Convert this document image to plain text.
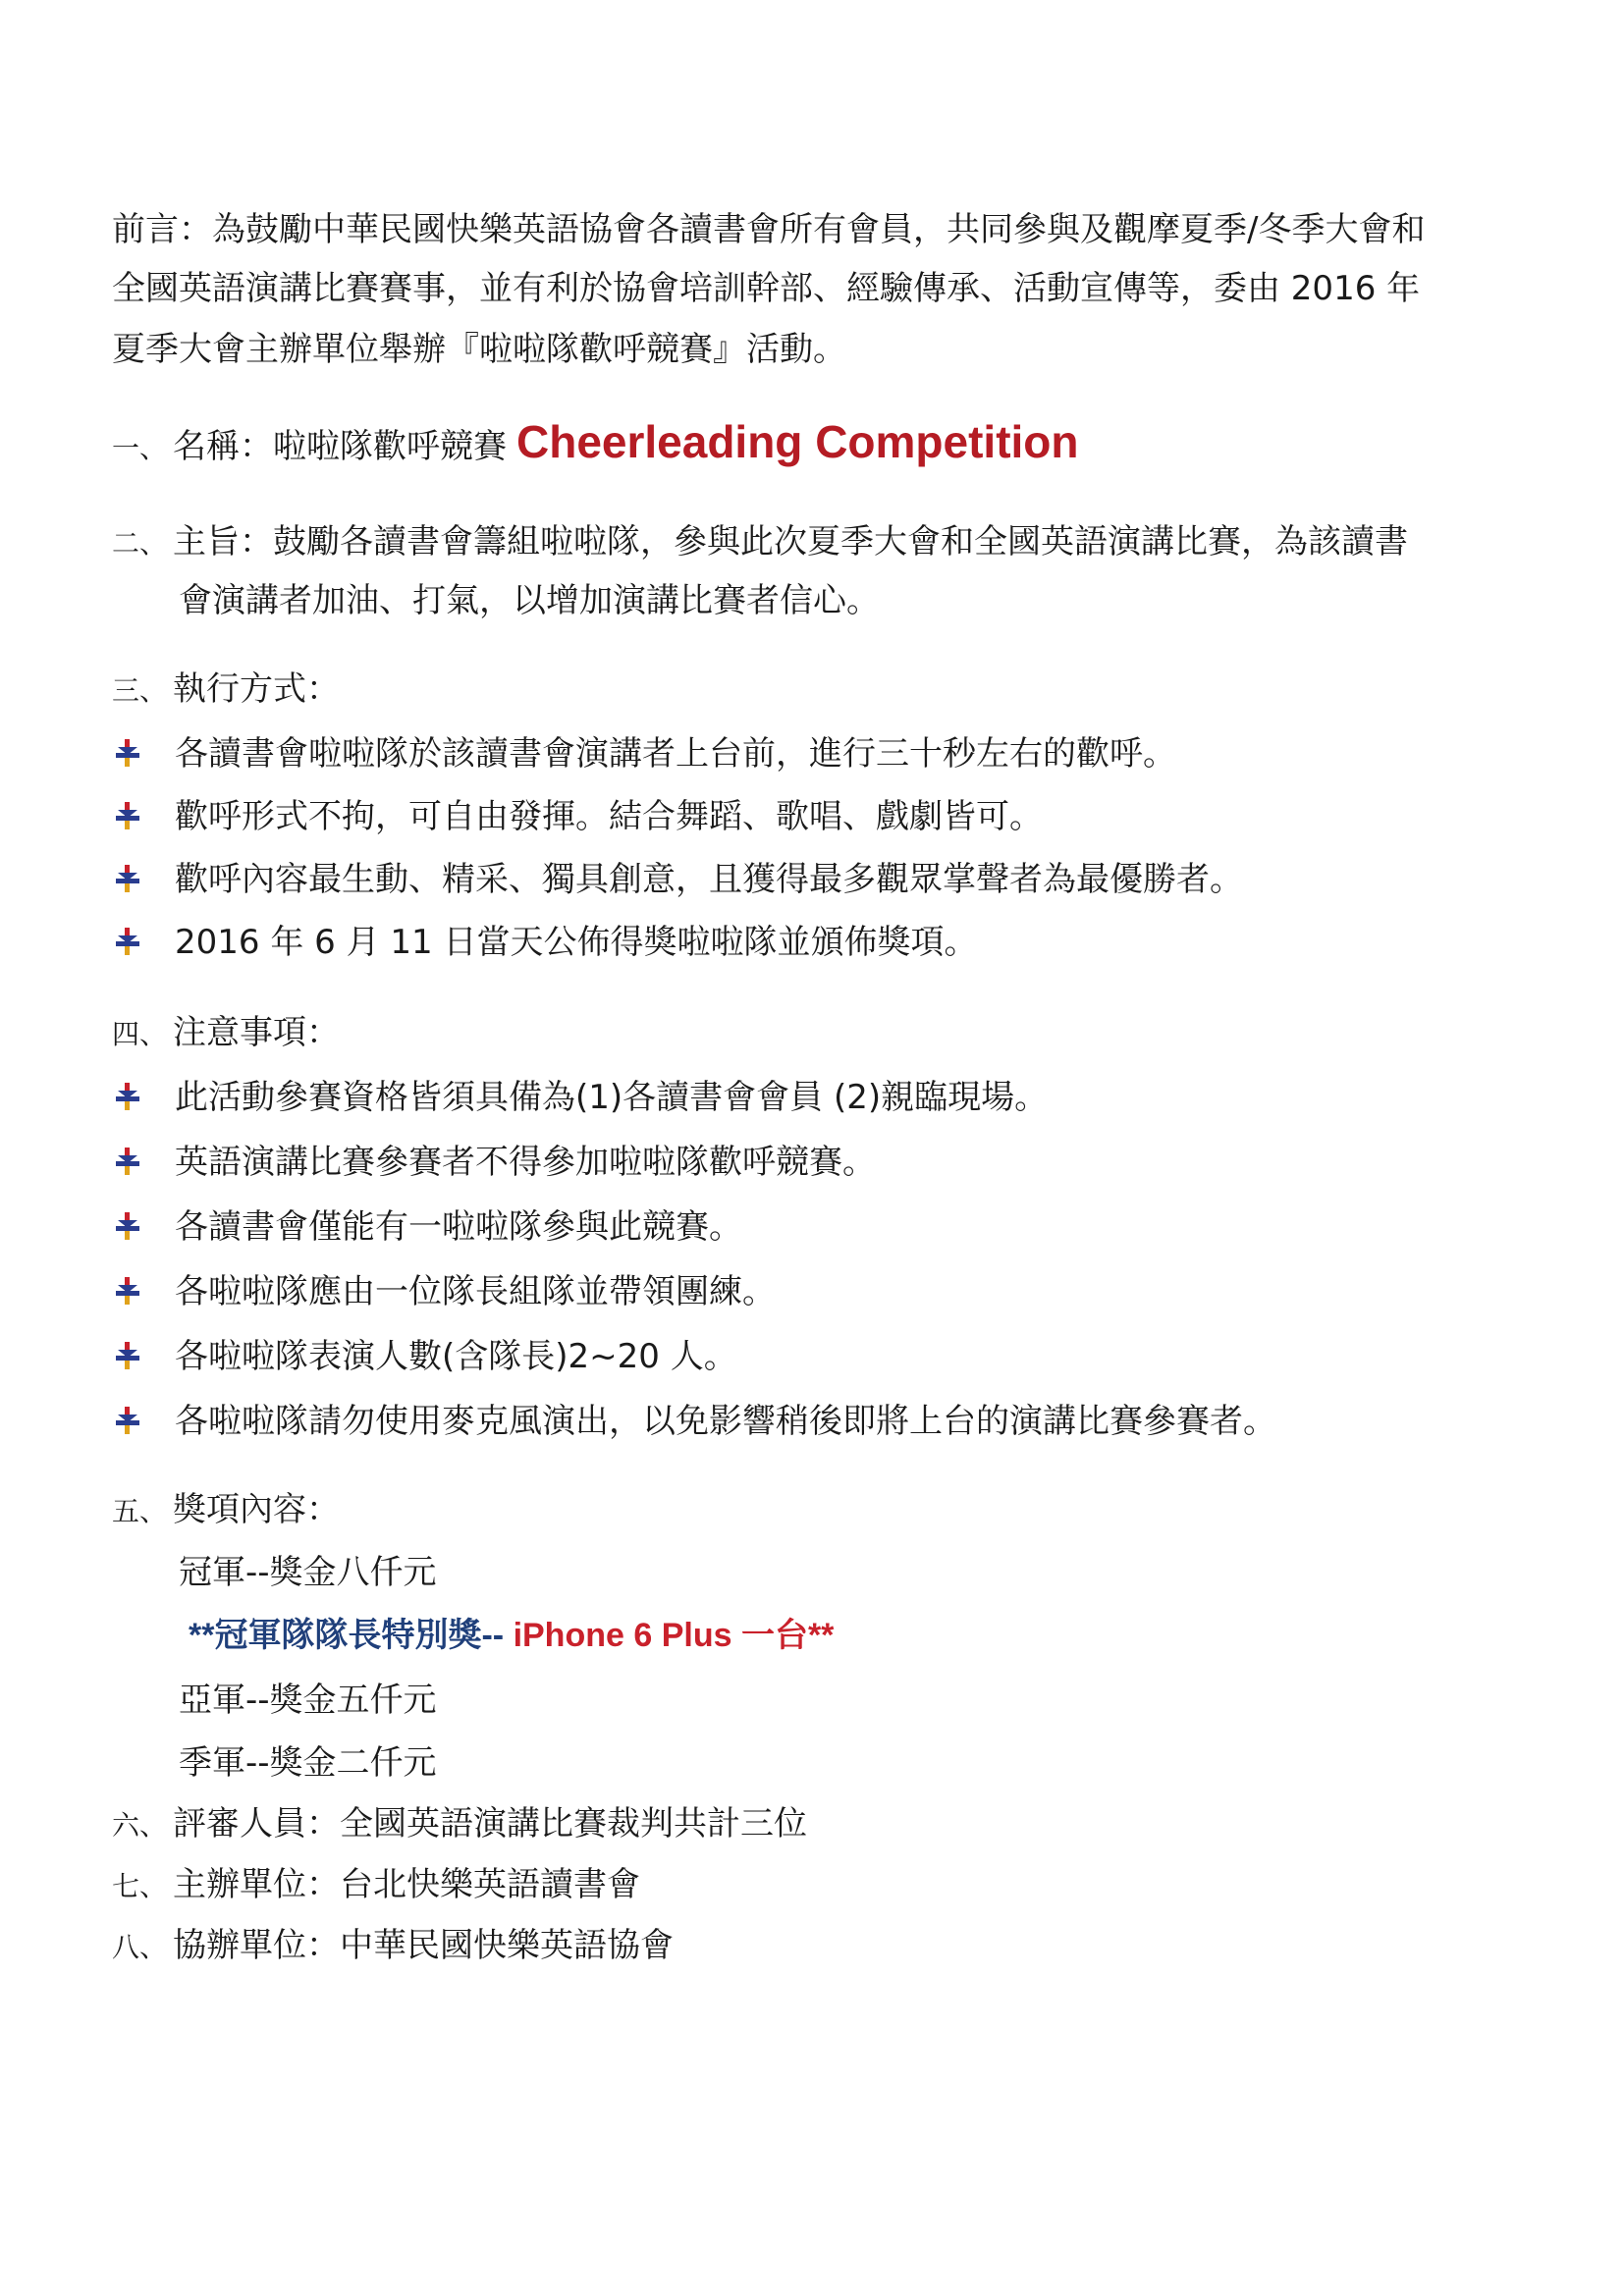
前言：為鼓勵中華民國快樂英語協會各讀書會所有會員，共同參與及觀摩夏季/冬季大會和
全國英語演講比賽賽事，並有利於協會培訓幹部、經驗傳承、活動宣傳等，委由 2016 年
夏季大會主辦單位舉辦『啦啦隊歡呼競賽』活動。
一、 名稱：啦啦隊歡呼競賽 Cheerleading Competition
二、 主旨：鼓勵各讀書會籌組啦啦隊，參與此次夏季大會和全國英語演講比賽，為該讀書
會演講者加油、打氣，以增加演講比賽者信心。
三、 執行方式：
各讀書會啦啦隊於該讀書會演講者上台前，進行三十秒左右的歡呼。
歡呼形式不拘，可自由發揮。結合舞蹈、歌唱、戲劇皆可。
歡呼內容最生動、精采、獨具創意，且獲得最多觀眾掌聲者為最優勝者。
2016 年 6 月 11 日當天公佈得獎啦啦隊並頒佈獎項。
四、 注意事項：
此活動參賽資格皆須具備為(1)各讀書會會員 (2)親臨現場。
英語演講比賽參賽者不得參加啦啦隊歡呼競賽。
各讀書會僅能有一啦啦隊參與此競賽。
各啦啦隊應由一位隊長組隊並帶領團練。
各啦啦隊表演人數(含隊長)2~20 人。
各啦啦隊請勿使用麥克風演出，以免影響稍後即將上台的演講比賽參賽者。
五、 獎項內容：
冠軍--獎金八仟元
**冠軍隊隊長特別獎-- iPhone 6 Plus 一台**
亞軍--獎金五仟元
季軍--獎金二仟元
六、 評審人員：全國英語演講比賽裁判共計三位
七、 主辦單位：台北快樂英語讀書會
八、 協辦單位：中華民國快樂英語協會
